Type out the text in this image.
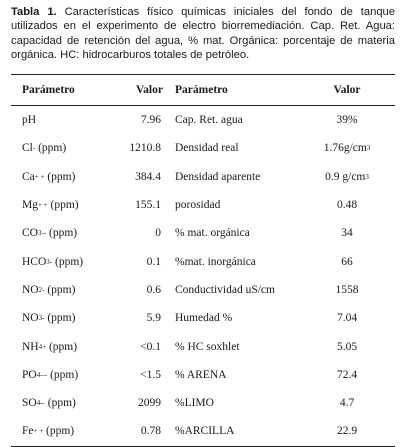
Tabla 1. Características físico químicas iniciales del fondo de tanque utilizados en el experimento de electro biorremediación. Cap. Ret. Agua: capacidad de retención del agua, % mat. Orgánica: porcentaje de materia orgánica. HC: hidrocarburos totales de petróleo.
Parámetro	Valor Parámetro	Valor
pH	7.96 Cap. Ret. agua	39%
Cl - (ppm)	1210.8 Densidad real	1.76g/cm 3
Ca + + (ppm)	384.4 Densidad aparente	0.9 g/cm 3
Mg + + (ppm)	155.1 porosidad	0.48
CO 3 -- (ppm)	0 % mat. orgánica	34
HCO 3 - (ppm)	0.1 %mat. inorgánica	66
NO 2 - (ppm)	0.6 Conductividad uS/cm	1558
NO 3 - (ppm)	5.9 Humedad %	7.04
NH 4 + (ppm)	<0.1 % HC soxhlet	5.05
PO 4 --- (ppm)	<1.5 % ARENA	72.4
SO 4 -- (ppm)	2099 %LIMO	4.7
Fe + + (ppm)	0.78 %ARCILLA	22.9
